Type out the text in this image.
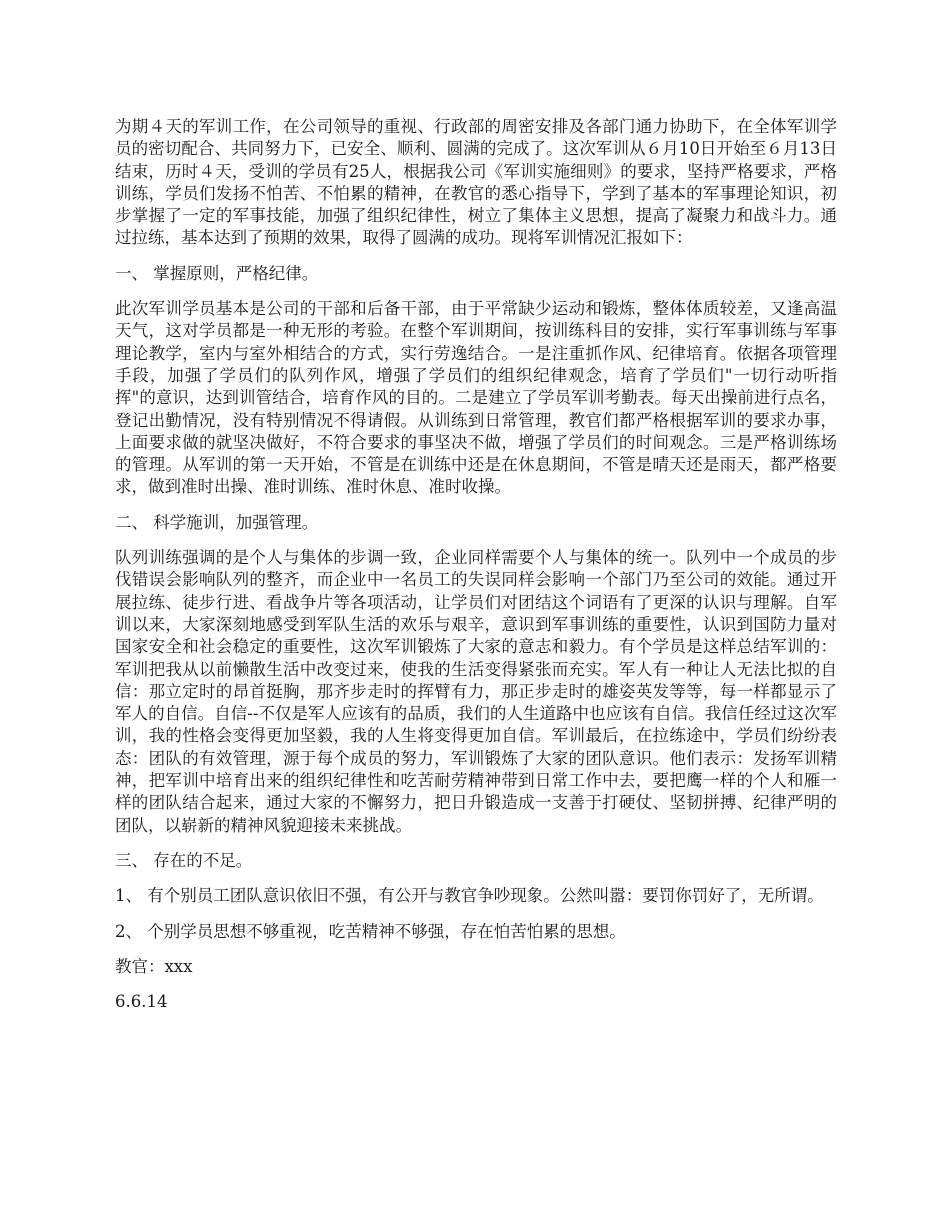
为期４天的军训工作，在公司领导的重视、行政部的周密安排及各部门通力协助下，在全体军训学员的密切配合、共同努力下，已安全、顺利、圆满的完成了。这次军训从６月10日开始至６月13日结束，历时４天，受训的学员有25人，根据我公司《军训实施细则》的要求，坚持严格要求，严格训练，学员们发扬不怕苦、不怕累的精神，在教官的悉心指导下，学到了基本的军事理论知识，初步掌握了一定的军事技能，加强了组织纪律性，树立了集体主义思想，提高了凝聚力和战斗力。通过拉练，基本达到了预期的效果，取得了圆满的成功。现将军训情况汇报如下：

一、 掌握原则，严格纪律。

此次军训学员基本是公司的干部和后备干部，由于平常缺少运动和锻炼，整体体质较差，又逢高温天气，这对学员都是一种无形的考验。在整个军训期间，按训练科目的安排，实行军事训练与军事理论教学，室内与室外相结合的方式，实行劳逸结合。一是注重抓作风、纪律培育。依据各项管理手段，加强了学员们的队列作风，增强了学员们的组织纪律观念，培育了学员们"一切行动听指挥"的意识，达到训管结合，培育作风的目的。二是建立了学员军训考勤表。每天出操前进行点名，登记出勤情况，没有特别情况不得请假。从训练到日常管理，教官们都严格根据军训的要求办事，上面要求做的就坚决做好，不符合要求的事坚决不做，增强了学员们的时间观念。三是严格训练场的管理。从军训的第一天开始，不管是在训练中还是在休息期间，不管是晴天还是雨天，都严格要求，做到准时出操、准时训练、准时休息、准时收操。

二、 科学施训，加强管理。

队列训练强调的是个人与集体的步调一致，企业同样需要个人与集体的统一。队列中一个成员的步伐错误会影响队列的整齐，而企业中一名员工的失误同样会影响一个部门乃至公司的效能。通过开展拉练、徒步行进、看战争片等各项活动，让学员们对团结这个词语有了更深的认识与理解。自军训以来，大家深刻地感受到军队生活的欢乐与艰辛，意识到军事训练的重要性，认识到国防力量对国家安全和社会稳定的重要性，这次军训锻炼了大家的意志和毅力。有个学员是这样总结军训的：军训把我从以前懒散生活中改变过来，使我的生活变得紧张而充实。军人有一种让人无法比拟的自信：那立定时的昂首挺胸，那齐步走时的挥臂有力，那正步走时的雄姿英发等等，每一样都显示了军人的自信。自信--不仅是军人应该有的品质，我们的人生道路中也应该有自信。我信任经过这次军训，我的性格会变得更加坚毅，我的人生将变得更加自信。军训最后，在拉练途中，学员们纷纷表态：团队的有效管理，源于每个成员的努力，军训锻炼了大家的团队意识。他们表示：发扬军训精神，把军训中培育出来的组织纪律性和吃苦耐劳精神带到日常工作中去，要把鹰一样的个人和雁一样的团队结合起来，通过大家的不懈努力，把日升锻造成一支善于打硬仗、坚韧拼搏、纪律严明的团队，以崭新的精神风貌迎接未来挑战。

三、 存在的不足。

1、 有个别员工团队意识依旧不强，有公开与教官争吵现象。公然叫嚣：要罚你罚好了，无所谓。

2、 个别学员思想不够重视，吃苦精神不够强，存在怕苦怕累的思想。

教官：xxx

6.6.14
